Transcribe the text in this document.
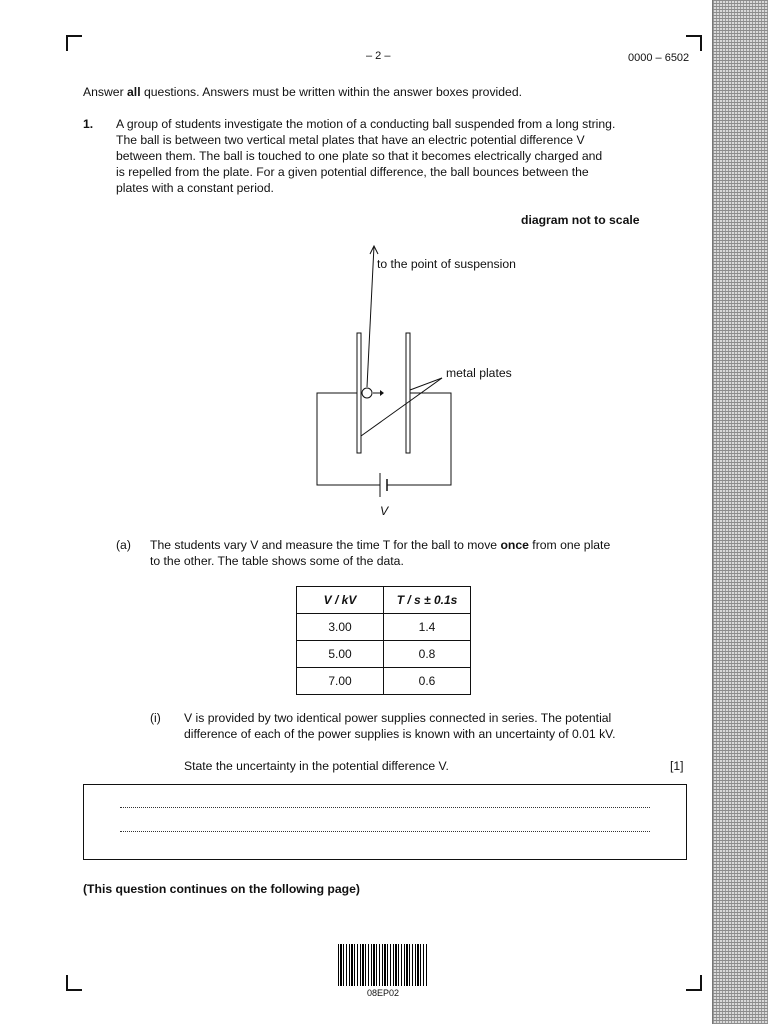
– 2 –	0000 – 6502
Answer all questions. Answers must be written within the answer boxes provided.
1. A group of students investigate the motion of a conducting ball suspended from a long string.
The ball is between two vertical metal plates that have an electric potential difference V
between them. The ball is touched to one plate so that it becomes electrically charged and
is repelled from the plate. For a given potential difference, the ball bounces between the
plates with a constant period.
diagram not to scale
to the point of suspension
metal plates
V
(a) The students vary V and measure the time T for the ball to move once from one plate
to the other. The table shows some of the data.
V / kV	T / s ± 0.1s
3.00	1.4
5.00	0.8
7.00	0.6
(i) V is provided by two identical power supplies connected in series. The potential
difference of each of the power supplies is known with an uncertainty of 0.01 kV.
State the uncertainty in the potential difference V.	[1]
(This question continues on the following page)
08EP02
